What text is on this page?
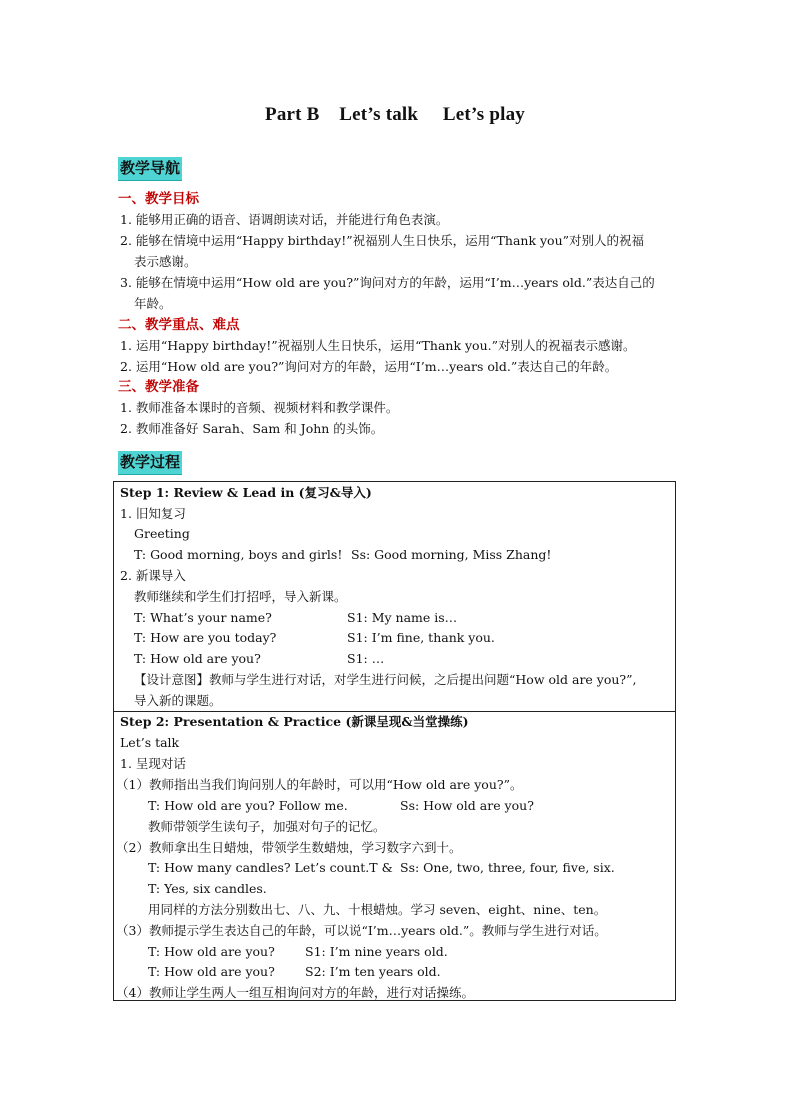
Part B    Let’s talk     Let’s play
教学导航
一、教学目标
1. 能够用正确的语音、语调朗读对话，并能进行角色表演。
2. 能够在情境中运用“Happy birthday!”祝福别人生日快乐，运用“Thank you”对别人的祝福
表示感谢。
3. 能够在情境中运用“How old are you?”询问对方的年龄，运用“I’m…years old.”表达自己的
年龄。
二、教学重点、难点
1. 运用“Happy birthday!”祝福别人生日快乐，运用“Thank you.”对别人的祝福表示感谢。
2. 运用“How old are you?”询问对方的年龄，运用“I’m…years old.”表达自己的年龄。
三、教学准备
1. 教师准备本课时的音频、视频材料和教学课件。
2. 教师准备好 Sarah、Sam 和 John 的头饰。
教学过程
Step 1: Review & Lead in (复习&导入)
1. 旧知复习
Greeting
T: Good morning, boys and girls! Ss: Good morning, Miss Zhang!
2. 新课导入
教师继续和学生们打招呼，导入新课。
T: What’s your name?	S1: My name is…
T: How are you today?	S1: I’m fine, thank you.
T: How old are you?	S1: …
【设计意图】教师与学生进行对话，对学生进行问候，之后提出问题“How old are you?”,
导入新的课题。
Step 2: Presentation & Practice (新课呈现&当堂操练)
Let’s talk
1. 呈现对话
（1）教师指出当我们询问别人的年龄时，可以用“How old are you?”。
T: How old are you? Follow me.	Ss: How old are you?
教师带领学生读句子，加强对句子的记忆。
（2）教师拿出生日蜡烛，带领学生数蜡烛，学习数字六到十。
T: How many candles? Let’s count.T & Ss: One, two, three, four, five, six.
T: Yes, six candles.
用同样的方法分别数出七、八、九、十根蜡烛。学习 seven、eight、nine、ten。
（3）教师提示学生表达自己的年龄，可以说“I’m…years old.”。教师与学生进行对话。
T: How old are you? S1: I’m nine years old.
T: How old are you? S2: I’m ten years old.
（4）教师让学生两人一组互相询问对方的年龄，进行对话操练。
